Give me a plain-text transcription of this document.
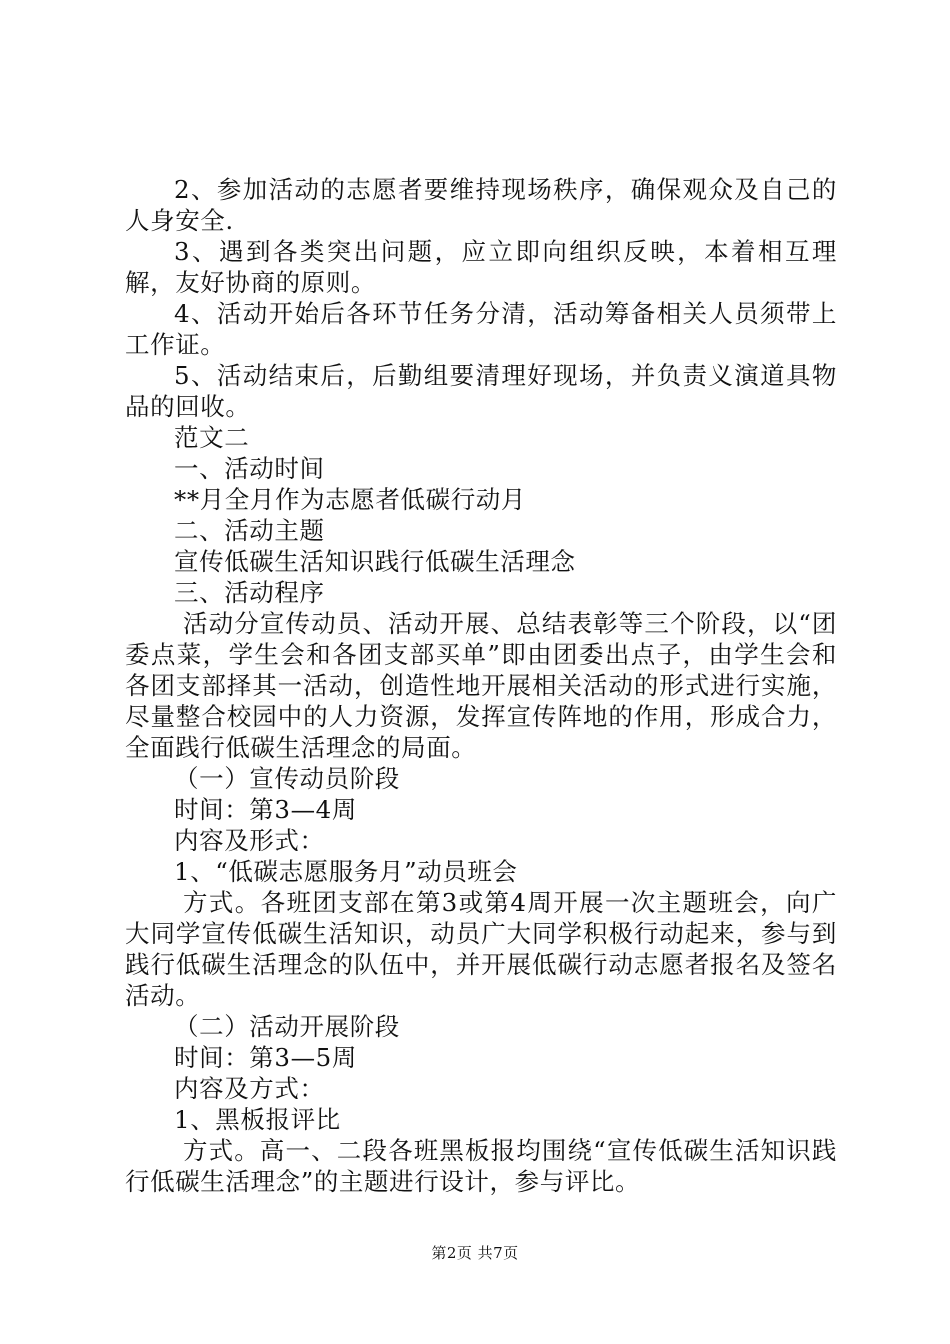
2、参加活动的志愿者要维持现场秩序，确保观众及自己的人身安全.

3、遇到各类突出问题，应立即向组织反映，本着相互理解，友好协商的原则。

4、活动开始后各环节任务分清，活动筹备相关人员须带上工作证。

5、活动结束后，后勤组要清理好现场，并负责义演道具物品的回收。

范文二

一、活动时间

**月全月作为志愿者低碳行动月

二、活动主题

宣传低碳生活知识践行低碳生活理念

三、活动程序

活动分宣传动员、活动开展、总结表彰等三个阶段，以“团委点菜，学生会和各团支部买单”即由团委出点子，由学生会和各团支部择其一活动，创造性地开展相关活动的形式进行实施，尽量整合校园中的人力资源，发挥宣传阵地的作用，形成合力，全面践行低碳生活理念的局面。

（一）宣传动员阶段

时间：第3—4周

内容及形式：

1、“低碳志愿服务月”动员班会

方式。各班团支部在第3或第4周开展一次主题班会，向广大同学宣传低碳生活知识，动员广大同学积极行动起来，参与到践行低碳生活理念的队伍中，并开展低碳行动志愿者报名及签名活动。

（二）活动开展阶段

时间：第3—5周

内容及方式：

1、黑板报评比

方式。高一、二段各班黑板报均围绕“宣传低碳生活知识践行低碳生活理念”的主题进行设计，参与评比。

第2页 共7页
